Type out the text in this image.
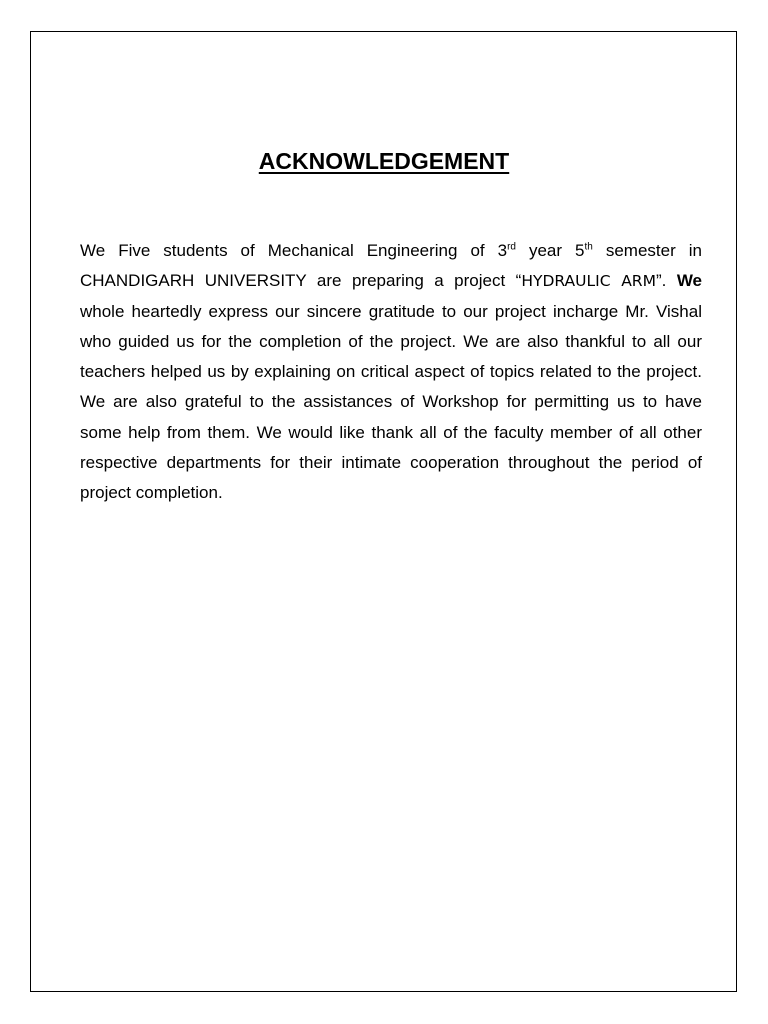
ACKNOWLEDGEMENT

We Five students of Mechanical Engineering of 3rd year 5th semester in CHANDIGARH UNIVERSITY are preparing a project “HYDRAULIC ARM”. We whole heartedly express our sincere gratitude to our project incharge Mr. Vishal who guided us for the completion of the project. We are also thankful to all our teachers helped us by explaining on critical aspect of topics related to the project. We are also grateful to the assistances of Workshop for permitting us to have some help from them. We would like thank all of the faculty member of all other respective departments for their intimate cooperation throughout the period of project completion.
